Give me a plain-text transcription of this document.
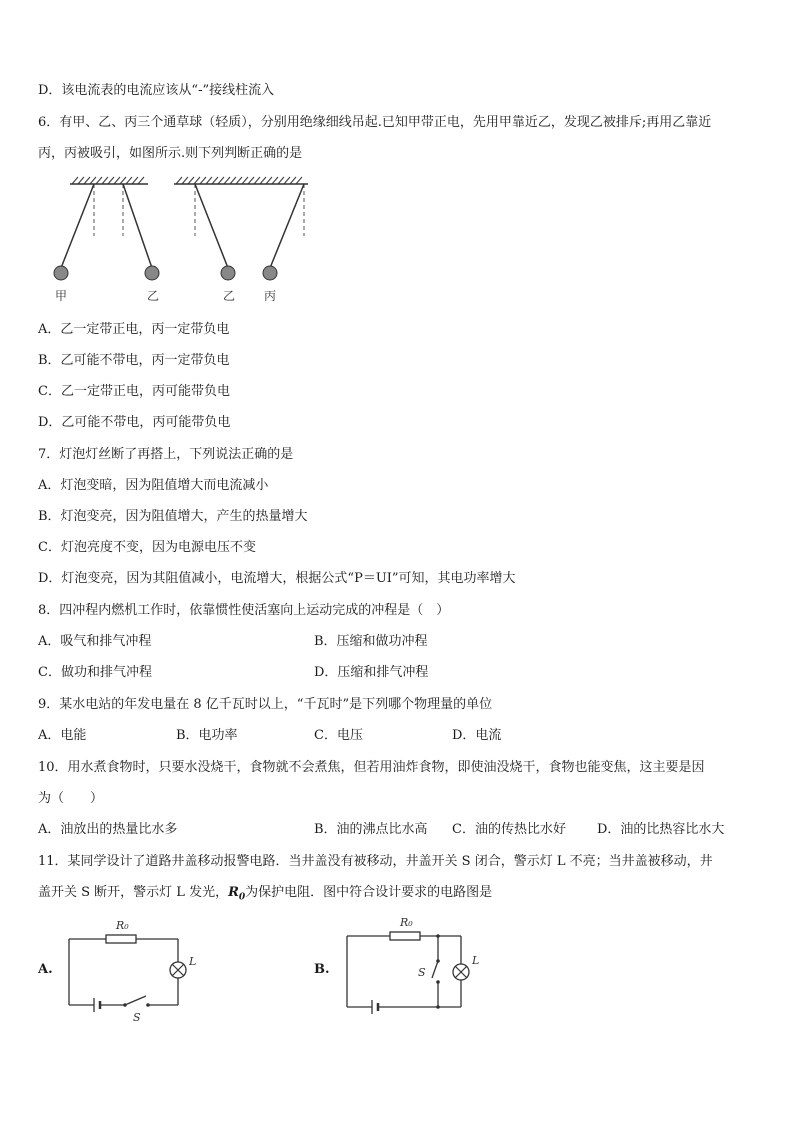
D．该电流表的电流应该从“-”接线柱流入
6．有甲、乙、丙三个通草球（轻质），分别用绝缘细线吊起.已知甲带正电，先用甲靠近乙，发现乙被排斥;再用乙靠近
丙，丙被吸引，如图所示.则下列判断正确的是
甲	乙	乙 丙
A．乙一定带正电，丙一定带负电
B．乙可能不带电，丙一定带负电
C．乙一定带正电，丙可能带负电
D．乙可能不带电，丙可能带负电
7．灯泡灯丝断了再搭上，下列说法正确的是
A．灯泡变暗，因为阻值增大而电流减小
B．灯泡变亮，因为阻值增大，产生的热量增大
C．灯泡亮度不变，因为电源电压不变
D．灯泡变亮，因为其阻值减小，电流增大，根据公式“P＝UI”可知，其电功率增大
8．四冲程内燃机工作时，依靠惯性使活塞向上运动完成的冲程是（　）
A．吸气和排气冲程	B．压缩和做功冲程
C．做功和排气冲程	D．压缩和排气冲程
9．某水电站的年发电量在 8 亿千瓦时以上，“千瓦时”是下列哪个物理量的单位
A．电能	B．电功率	C．电压	D．电流
10．用水煮食物时，只要水没烧干，食物就不会煮焦，但若用油炸食物，即使油没烧干，食物也能变焦，这主要是因
为（　　）
A．油放出的热量比水多	B．油的沸点比水高 C．油的传热比水好 D．油的比热容比水大
11．某同学设计了道路井盖移动报警电路．当井盖没有被移动，井盖开关 S 闭合，警示灯 L 不亮；当井盖被移动，井
盖开关 S 断开，警示灯 L 发光，$R_0$为保护电阻．图中符合设计要求的电路图是
A.
R₀
L
S
B.
R₀
L
S
